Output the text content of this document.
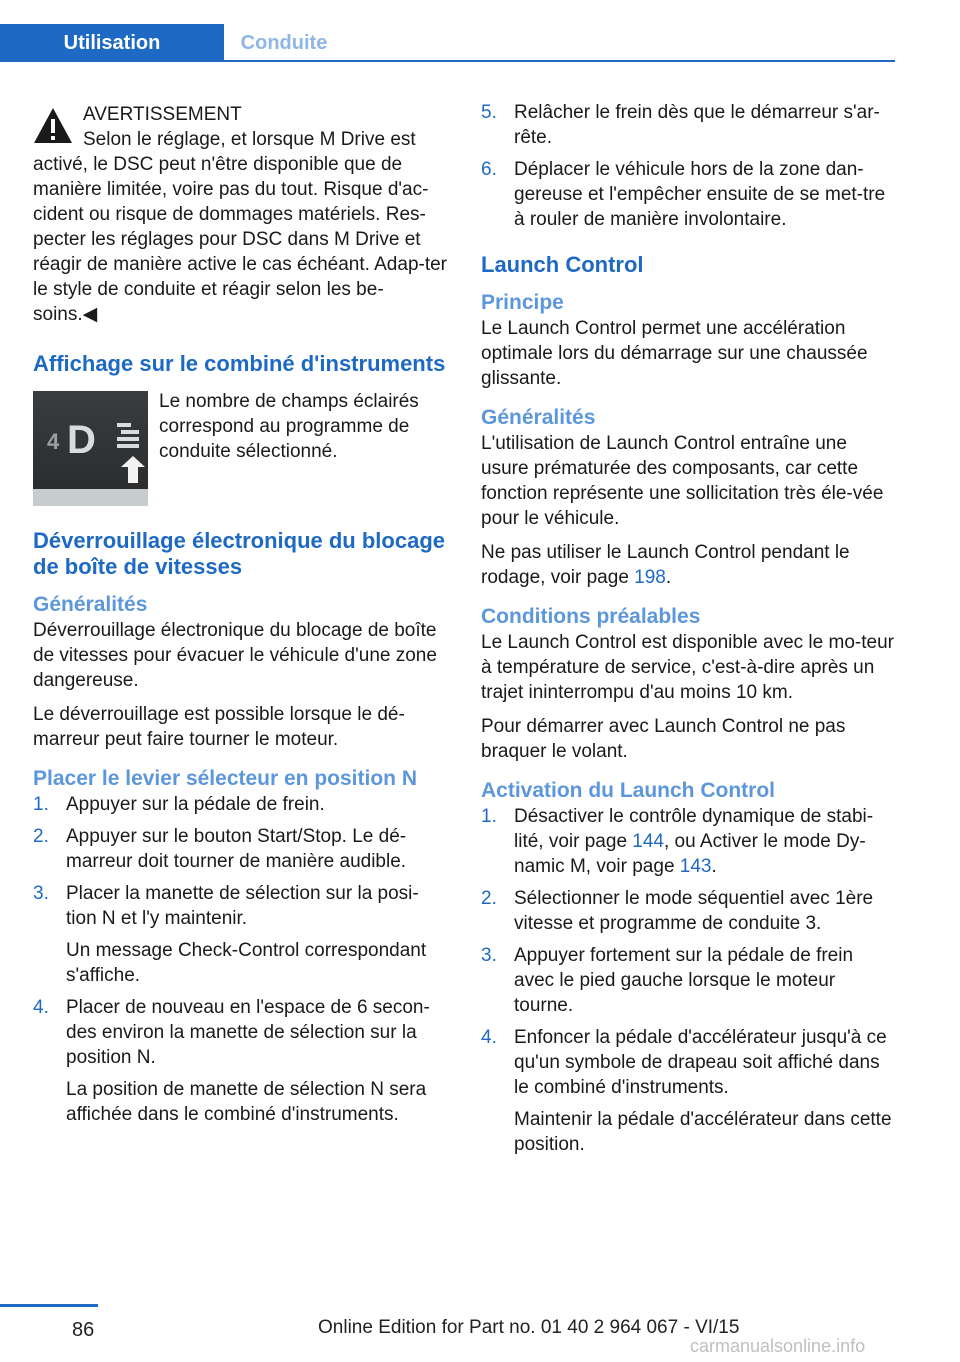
Utilisation	Conduite
AVERTISSEMENT

Selon le réglage, et lorsque M Drive est activé, le DSC peut n'être disponible que de manière limitée, voire pas du tout. Risque d'ac‐cident ou risque de dommages matériels. Res‐pecter les réglages pour DSC dans M Drive et réagir de manière active le cas échéant. Adap‐ter le style de conduite et réagir selon les be‐soins.◀

Affichage sur le combiné d'instruments
4 D

Le nombre de champs éclairés correspond au programme de conduite sélectionné.

Déverrouillage électronique du blocage de boîte de vitesses
Généralités

Déverrouillage électronique du blocage de boîte de vitesses pour évacuer le véhicule d'une zone dangereuse.

Le déverrouillage est possible lorsque le dé‐marreur peut faire tourner le moteur.

Placer le levier sélecteur en position N
1. Appuyer sur la pédale de frein.
2. Appuyer sur le bouton Start/Stop. Le dé‐marreur doit tourner de manière audible.
3. Placer la manette de sélection sur la posi‐tion N et l'y maintenir.
Un message Check-Control correspondant s'affiche.
4. Placer de nouveau en l'espace de 6 secon‐des environ la manette de sélection sur la position N.
La position de manette de sélection N sera affichée dans le combiné d'instruments.
5. Relâcher le frein dès que le démarreur s'ar‐rête.
6. Déplacer le véhicule hors de la zone dan‐gereuse et l'empêcher ensuite de se met‐tre à rouler de manière involontaire.
Launch Control
Principe

Le Launch Control permet une accélération optimale lors du démarrage sur une chaussée glissante.

Généralités

L'utilisation de Launch Control entraîne une usure prématurée des composants, car cette fonction représente une sollicitation très éle‐vée pour le véhicule.

Ne pas utiliser le Launch Control pendant le rodage, voir page 198.

Conditions préalables

Le Launch Control est disponible avec le mo‐teur à température de service, c'est-à-dire après un trajet ininterrompu d'au moins 10 km.

Pour démarrer avec Launch Control ne pas braquer le volant.

Activation du Launch Control
1. Désactiver le contrôle dynamique de stabi‐lité, voir page 144, ou Activer le mode Dy‐namic M, voir page 143.
2. Sélectionner le mode séquentiel avec 1ère vitesse et programme de conduite 3.
3. Appuyer fortement sur la pédale de frein avec le pied gauche lorsque le moteur tourne.
4. Enfoncer la pédale d'accélérateur jusqu'à ce qu'un symbole de drapeau soit affiché dans le combiné d'instruments.
Maintenir la pédale d'accélérateur dans cette position.
86	Online Edition for Part no. 01 40 2 964 067 - VI/15
carmanualsonline.info
